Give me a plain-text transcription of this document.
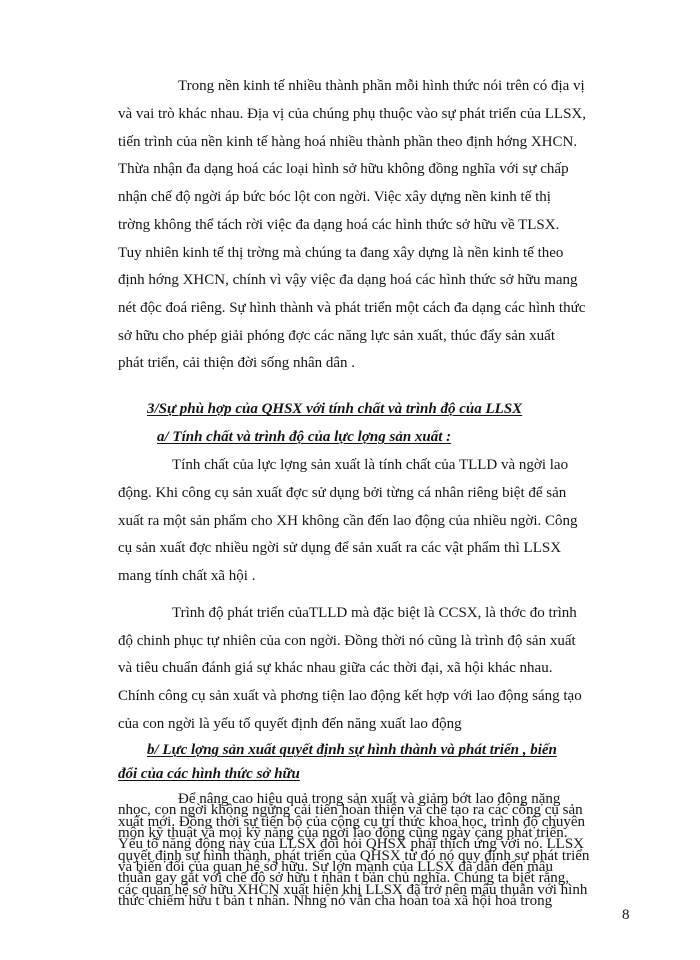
Trong nền kinh tế nhiều thành phần mỗi hình thức nói trên có địa vị
và vai trò khác nhau. Địa vị của chúng phụ thuộc vào sự phát triển của LLSX,
tiến trình của nền kinh tế hàng hoá nhiều thành phần theo định hớng XHCN.
Thừa nhận đa dạng hoá các loại hình sở hữu không đồng nghĩa với sự chấp
nhận chế độ ngời áp bức bóc lột con ngời. Việc xây dựng nền kinh tế thị
trờng không thể tách rời việc đa dạng hoá các hình thức sở hữu về TLSX.
Tuy nhiên kinh tế thị trờng mà chúng ta đang xây dựng là nền kinh tế theo
định hớng XHCN, chính vì vậy việc đa dạng hoá các hình thức sở hữu mang
nét độc đoá riêng. Sự hình thành và phát triển một cách đa dạng các hình thức
sở hữu cho phép giải phóng đợc các năng lực sản xuất, thúc đẩy sản xuất
phát triển, cải thiện đời sống nhân dân .
3/Sự phù hợp của QHSX với tính chất và trình độ của LLSX
a/ Tính chất và trình độ của lực lợng sản xuất :
Tính chất của lực lợng sản xuất là tính chất của TLLD và ngời lao
động. Khi công cụ sản xuất đợc sử dụng bởi từng cá nhân riêng biệt để sản
xuất ra một sản phẩm cho XH không cần đến lao động của nhiều ngời. Công
cụ sản xuất đợc nhiều ngời sử dụng để sản xuất ra các vật phẩm thì LLSX
mang tính chất xã hội .
Trình độ phát triển củaTLLD mà đặc biệt là CCSX, là thớc đo trình
độ chinh phục tự nhiên của con ngời. Đồng thời nó cũng là trình độ sản xuất
và tiêu chuẩn đánh giá sự khác nhau giữa các thời đại, xã hội khác nhau.
Chính công cụ sản xuất và phơng tiện lao động kết hợp với lao động sáng tạo
của con ngời là yếu tố quyết định đến năng xuất lao động
b/ Lực lợng sản xuất quyết định sự hình thành và phát triển , biến
đổi của các hình thức sở hữu
Để nâng cao hiệu quả trong sản xuất và giảm bớt lao động nặng
nhọc, con ngời không ngừng cải tiến hoàn thiện và chế tạo ra các công cụ sản
xuất mới. Đồng thời sự tiến bộ của công cụ tri thức khoa học, trình độ chuyên
môn kỹ thuật và mọi kỹ năng của ngời lao động cũng ngày càng phát triển.
Yếu tố năng động này của LLSX đòi hỏi QHSX phải thích ứng với nó. LLSX
quyết định sự hình thành, phát triển của QHSX từ đó nó quy định sự phát triển
và biến đổi của quan hệ sở hữu. Sự lớn mạnh của LLSX đã dẫn đến mâu
thuẫn gay gắt với chế độ sở hữu t nhân t bản chủ nghĩa. Chúng ta biết rằng,
các quan hệ sở hữu XHCN xuất hiện khi LLSX đã trở nên mâu thuẫn với hình
thức chiếm hữu t bản t nhân. Nhng nó vẫn cha hoàn toà xã hội hoá trong
8
